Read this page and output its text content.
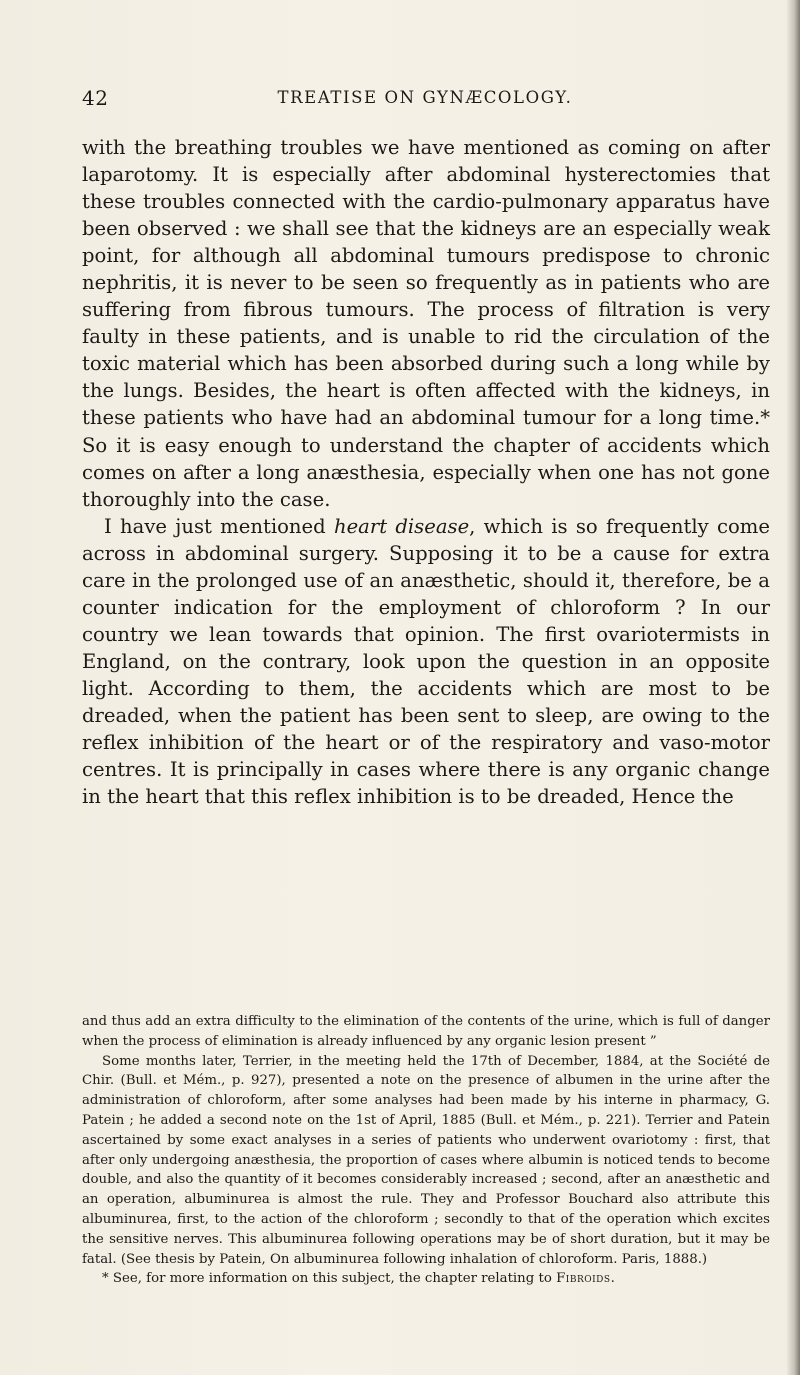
42	TREATISE ON GYNÆCOLOGY.

with the breathing troubles we have mentioned as coming on after laparotomy. It is especially after abdominal hysterectomies that these troubles connected with the cardio-pulmonary apparatus have been observed : we shall see that the kidneys are an especially weak point, for although all abdominal tumours predispose to chronic nephritis, it is never to be seen so frequently as in patients who are suffering from fibrous tumours. The process of filtration is very faulty in these patients, and is unable to rid the circulation of the toxic material which has been absorbed during such a long while by the lungs. Besides, the heart is often affected with the kidneys, in these patients who have had an abdominal tumour for a long time.* So it is easy enough to understand the chapter of accidents which comes on after a long anæsthesia, especially when one has not gone thoroughly into the case.

I have just mentioned heart disease, which is so frequently come across in abdominal surgery. Supposing it to be a cause for extra care in the prolonged use of an anæsthetic, should it, therefore, be a counter indication for the employment of chloroform ? In our country we lean towards that opinion. The first ovariotermists in England, on the contrary, look upon the question in an opposite light. According to them, the accidents which are most to be dreaded, when the patient has been sent to sleep, are owing to the reflex inhibition of the heart or of the respiratory and vaso-motor centres. It is principally in cases where there is any organic change in the heart that this reflex inhibition is to be dreaded, Hence the

and thus add an extra difficulty to the elimination of the contents of the urine, which is full of danger when the process of elimination is already influenced by any organic lesion present ”

Some months later, Terrier, in the meeting held the 17th of December, 1884, at the Société de Chir. (Bull. et Mém., p. 927), presented a note on the presence of albumen in the urine after the administration of chloroform, after some analyses had been made by his interne in pharmacy, G. Patein ; he added a second note on the 1st of April, 1885 (Bull. et Mém., p. 221). Terrier and Patein ascertained by some exact analyses in a series of patients who underwent ovariotomy : first, that after only undergoing anæsthesia, the proportion of cases where albumin is noticed tends to become double, and also the quantity of it becomes considerably increased ; second, after an anæsthetic and an operation, albuminurea is almost the rule. They and Professor Bouchard also attribute this albuminurea, first, to the action of the chloroform ; secondly to that of the operation which excites the sensitive nerves. This albuminurea following operations may be of short duration, but it may be fatal. (See thesis by Patein, On albuminurea following inhalation of chloroform. Paris, 1888.)

* See, for more information on this subject, the chapter relating to Fibroids.
